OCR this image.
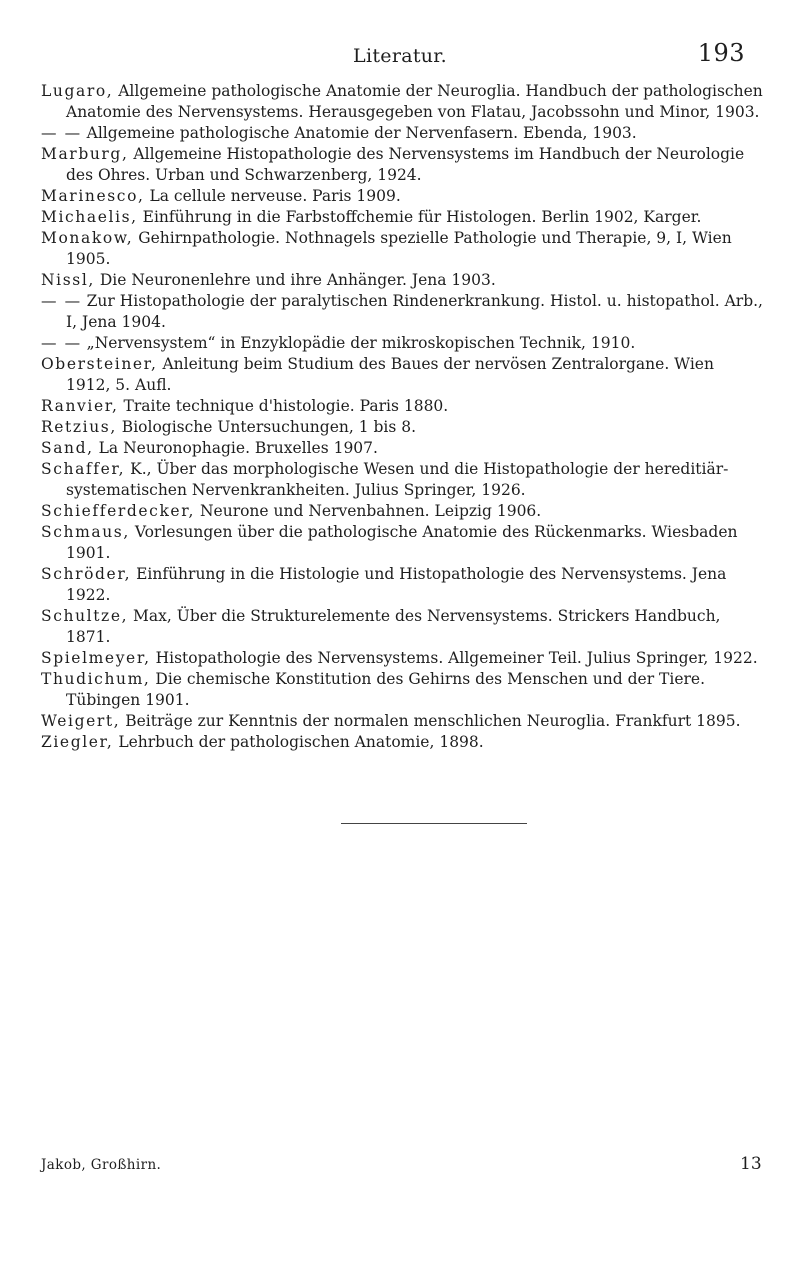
Literatur.	193
Lugaro, Allgemeine pathologische Anatomie der Neuroglia. Handbuch der pathologischen Anatomie des Nervensystems. Herausgegeben von Flatau, Jacobssohn und Minor, 1903.
— — Allgemeine pathologische Anatomie der Nervenfasern. Ebenda, 1903.
Marburg, Allgemeine Histopathologie des Nervensystems im Handbuch der Neurologie des Ohres. Urban und Schwarzenberg, 1924.
Marinesco, La cellule nerveuse. Paris 1909.
Michaelis, Einführung in die Farbstoffchemie für Histologen. Berlin 1902, Karger.
Monakow, Gehirnpathologie. Nothnagels spezielle Pathologie und Therapie, 9, I, Wien 1905.
Nissl, Die Neuronenlehre und ihre Anhänger. Jena 1903.
— — Zur Histopathologie der paralytischen Rindenerkrankung. Histol. u. histopathol. Arb., I, Jena 1904.
— — „Nervensystem“ in Enzyklopädie der mikroskopischen Technik, 1910.
Obersteiner, Anleitung beim Studium des Baues der nervösen Zentralorgane. Wien 1912, 5. Aufl.
Ranvier, Traite technique d'histologie. Paris 1880.
Retzius, Biologische Untersuchungen, 1 bis 8.
Sand, La Neuronophagie. Bruxelles 1907.
Schaffer, K., Über das morphologische Wesen und die Histopathologie der hereditiär-systematischen Nervenkrankheiten. Julius Springer, 1926.
Schiefferdecker, Neurone und Nervenbahnen. Leipzig 1906.
Schmaus, Vorlesungen über die pathologische Anatomie des Rückenmarks. Wiesbaden 1901.
Schröder, Einführung in die Histologie und Histopathologie des Nervensystems. Jena 1922.
Schultze, Max, Über die Strukturelemente des Nervensystems. Strickers Handbuch, 1871.
Spielmeyer, Histopathologie des Nervensystems. Allgemeiner Teil. Julius Springer, 1922.
Thudichum, Die chemische Konstitution des Gehirns des Menschen und der Tiere. Tübingen 1901.
Weigert, Beiträge zur Kenntnis der normalen menschlichen Neuroglia. Frankfurt 1895.
Ziegler, Lehrbuch der pathologischen Anatomie, 1898.
Jakob, Großhirn.	13
